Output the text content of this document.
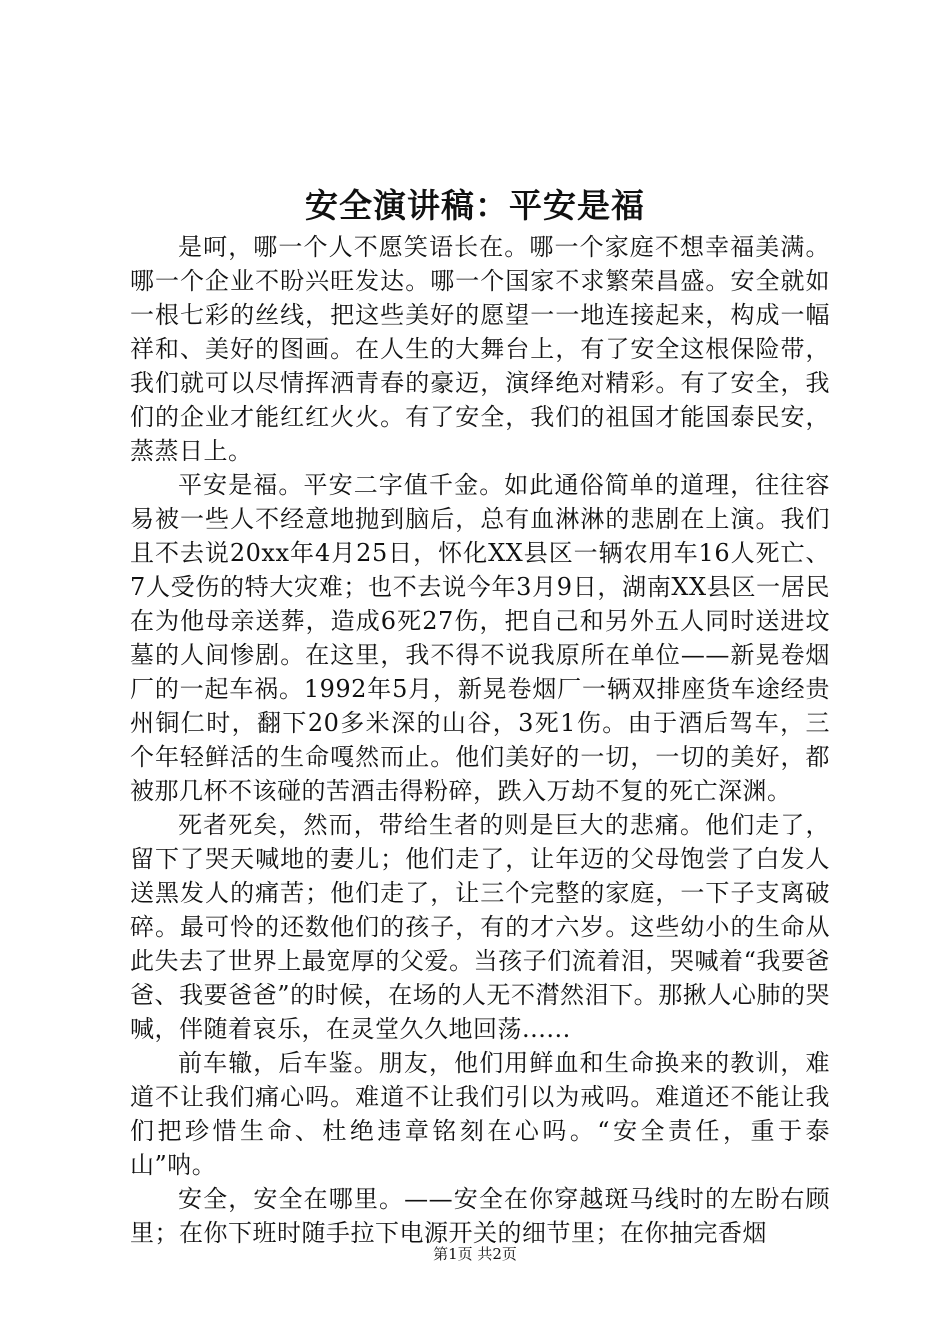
安全演讲稿：平安是福

是呵，哪一个人不愿笑语长在。哪一个家庭不想幸福美满。哪一个企业不盼兴旺发达。哪一个国家不求繁荣昌盛。安全就如一根七彩的丝线，把这些美好的愿望一一地连接起来，构成一幅祥和、美好的图画。在人生的大舞台上，有了安全这根保险带，我们就可以尽情挥洒青春的豪迈，演绎绝对精彩。有了安全，我们的企业才能红红火火。有了安全，我们的祖国才能国泰民安，蒸蒸日上。

平安是福。平安二字值千金。如此通俗简单的道理，往往容易被一些人不经意地抛到脑后，总有血淋淋的悲剧在上演。我们且不去说20xx年4月25日，怀化XX县区一辆农用车16人死亡、7人受伤的特大灾难；也不去说今年3月9日，湖南XX县区一居民在为他母亲送葬，造成6死27伤，把自己和另外五人同时送进坟墓的人间惨剧。在这里，我不得不说我原所在单位——新晃卷烟厂的一起车祸。1992年5月，新晃卷烟厂一辆双排座货车途经贵州铜仁时，翻下20多米深的山谷，3死1伤。由于酒后驾车，三个年轻鲜活的生命嘎然而止。他们美好的一切，一切的美好，都被那几杯不该碰的苦酒击得粉碎，跌入万劫不复的死亡深渊。

死者死矣，然而，带给生者的则是巨大的悲痛。他们走了，留下了哭天喊地的妻儿；他们走了，让年迈的父母饱尝了白发人送黑发人的痛苦；他们走了，让三个完整的家庭，一下子支离破碎。最可怜的还数他们的孩子，有的才六岁。这些幼小的生命从此失去了世界上最宽厚的父爱。当孩子们流着泪，哭喊着“我要爸爸、我要爸爸”的时候，在场的人无不潸然泪下。那揪人心肺的哭喊，伴随着哀乐，在灵堂久久地回荡......

前车辙，后车鉴。朋友，他们用鲜血和生命换来的教训，难道不让我们痛心吗。难道不让我们引以为戒吗。难道还不能让我们把珍惜生命、杜绝违章铭刻在心吗。“安全责任，重于泰山”呐。

安全，安全在哪里。——安全在你穿越斑马线时的左盼右顾里；在你下班时随手拉下电源开关的细节里；在你抽完香烟

第1页 共2页
